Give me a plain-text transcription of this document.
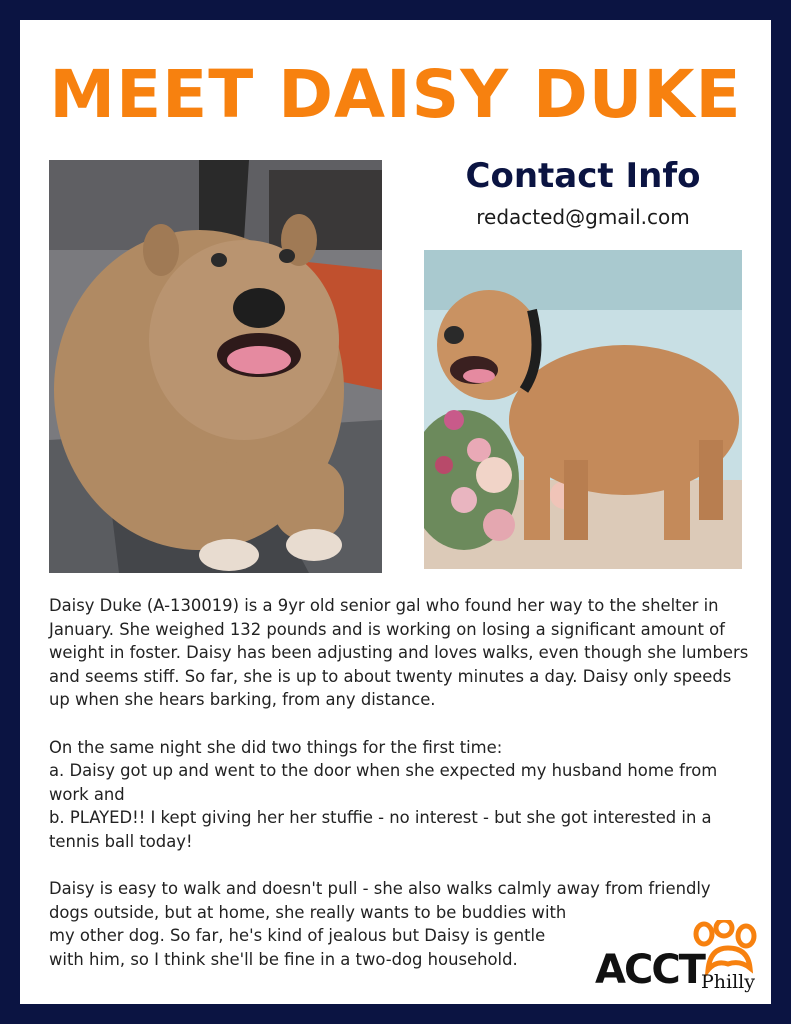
MEET DAISY DUKE
Contact Info
redacted@gmail.com

Daisy Duke (A-130019) is a 9yr old senior gal who found her way to the shelter in January. She weighed 132 pounds and is working on losing a significant amount of weight in foster. Daisy has been adjusting and loves walks, even though she lumbers and seems stiff. So far, she is up to about twenty minutes a day. Daisy only speeds up when she hears barking, from any distance.

On the same night she did two things for the first time:

a. Daisy got up and went to the door when she expected my husband home from work and

b. PLAYED!! I kept giving her her stuffie - no interest - but she got interested in a tennis ball today!

Daisy is easy to walk and doesn't pull - she also walks calmly away from friendly dogs outside, but at home, she really wants to be buddies with

my other dog. So far, he's kind of jealous but Daisy is gentle

with him, so I think she'll be fine in a two-dog household.	ACCT
Philly
